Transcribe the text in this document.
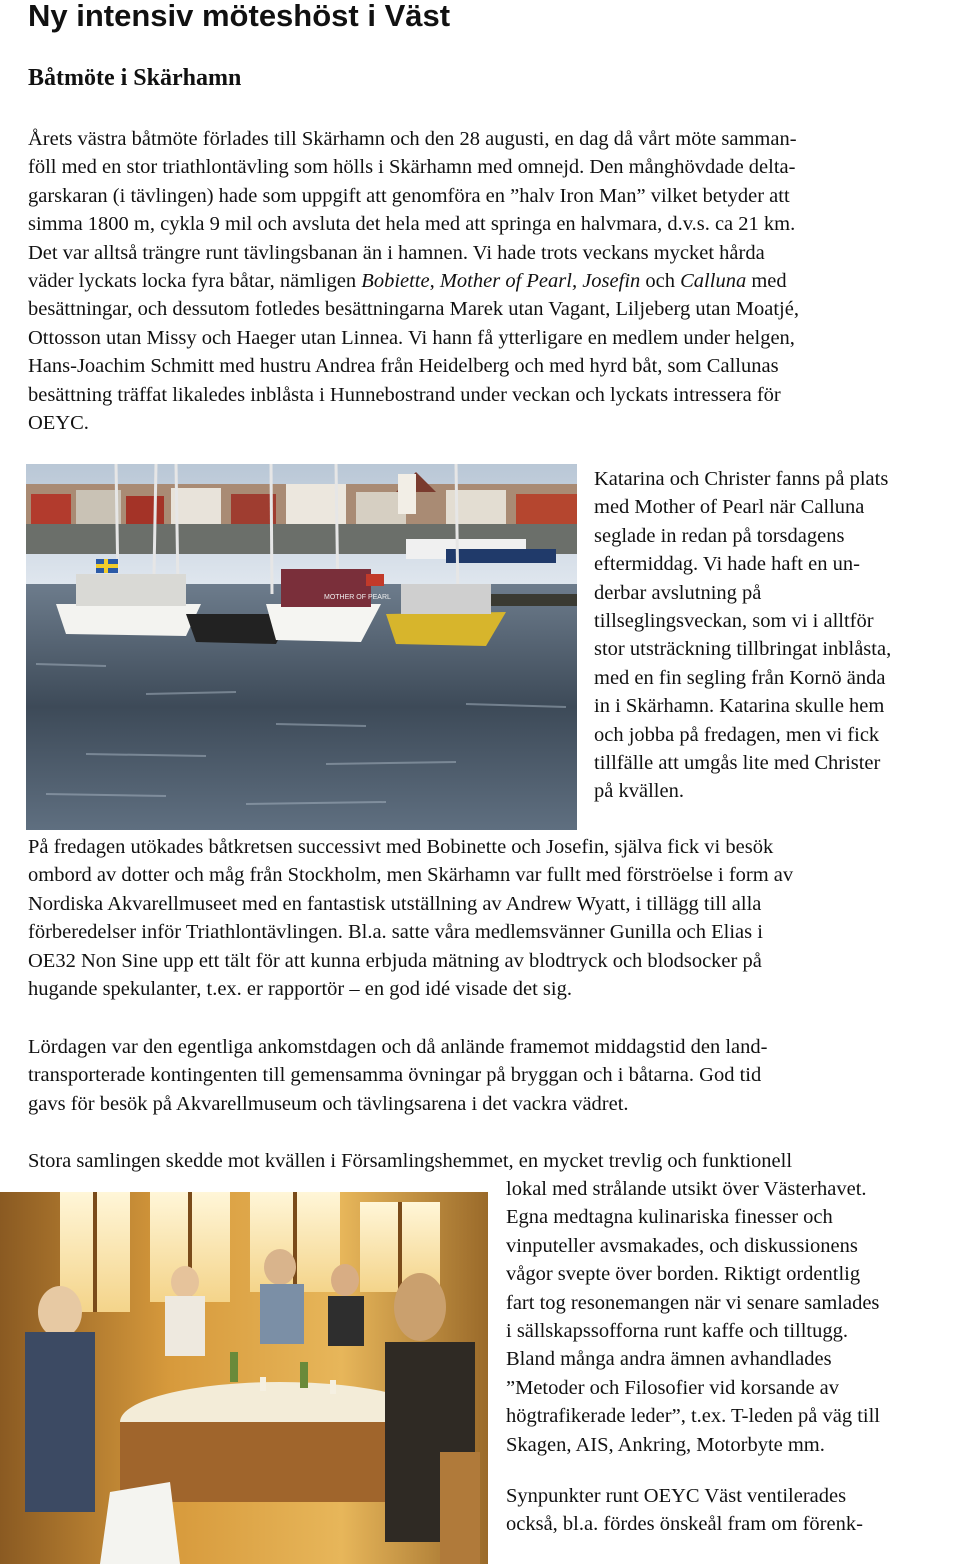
Ny intensiv möteshöst i Väst
Båtmöte i Skärhamn
Årets västra båtmöte förlades till Skärhamn och den 28 augusti, en dag då vårt möte samman-
föll med en stor triathlontävling som hölls i Skärhamn med omnejd. Den månghövdade delta-
garskaran (i tävlingen) hade som uppgift att genomföra en ”halv Iron Man” vilket betyder att
simma 1800 m, cykla 9 mil och avsluta det hela med att springa en halvmara, d.v.s. ca 21 km.
Det var alltså trängre runt tävlingsbanan än i hamnen. Vi hade trots veckans mycket hårda
väder lyckats locka fyra båtar, nämligen Bobiette, Mother of Pearl, Josefin och Calluna med
besättningar, och dessutom fotledes besättningarna Marek utan Vagant, Liljeberg utan Moatjé,
Ottosson utan Missy och Haeger utan Linnea. Vi hann få ytterligare en medlem under helgen,
Hans-Joachim Schmitt med hustru Andrea från Heidelberg och med hyrd båt, som Callunas
besättning träffat likaledes inblåsta i Hunnebostrand under veckan och lyckats intressera för
OEYC.
MOTHER OF PEARL
Katarina och Christer fanns på plats
med Mother of Pearl när Calluna
seglade in redan på torsdagens
eftermiddag. Vi hade haft en un-
derbar avslutning på
tillseglingsveckan, som vi i alltför
stor utsträckning tillbringat inblåsta,
med en fin segling från Kornö ända
in i Skärhamn. Katarina skulle hem
och jobba på fredagen, men vi fick
tillfälle att umgås lite med Christer
på kvällen.
På fredagen utökades båtkretsen successivt med Bobinette och Josefin, själva fick vi besök
ombord av dotter och måg från Stockholm, men Skärhamn var fullt med förströelse i form av
Nordiska Akvarellmuseet med en fantastisk utställning av Andrew Wyatt, i tillägg till alla
förberedelser inför Triathlontävlingen. Bl.a. satte våra medlemsvänner Gunilla och Elias i
OE32 Non Sine upp ett tält för att kunna erbjuda mätning av blodtryck och blodsocker på
hugande spekulanter, t.ex. er rapportör – en god idé visade det sig.
Lördagen var den egentliga ankomstdagen och då anlände framemot middagstid den land-
transporterade kontingenten till gemensamma övningar på bryggan och i båtarna. God tid
gavs för besök på Akvarellmuseum och tävlingsarena i det vackra vädret.
Stora samlingen skedde mot kvällen i Församlingshemmet, en mycket trevlig och funktionell
lokal med strålande utsikt över Västerhavet.
Egna medtagna kulinariska finesser och
vinputeller avsmakades, och diskussionens
vågor svepte över borden. Riktigt ordentlig
fart tog resonemangen när vi senare samlades
i sällskapssofforna runt kaffe och tilltugg.
Bland många andra ämnen avhandlades
”Metoder och Filosofier vid korsande av
högtrafikerade leder”, t.ex. T-leden på väg till
Skagen, AIS, Ankring, Motorbyte mm.
Synpunkter runt OEYC Väst ventilerades
också, bl.a. fördes önskeål fram om förenk-
